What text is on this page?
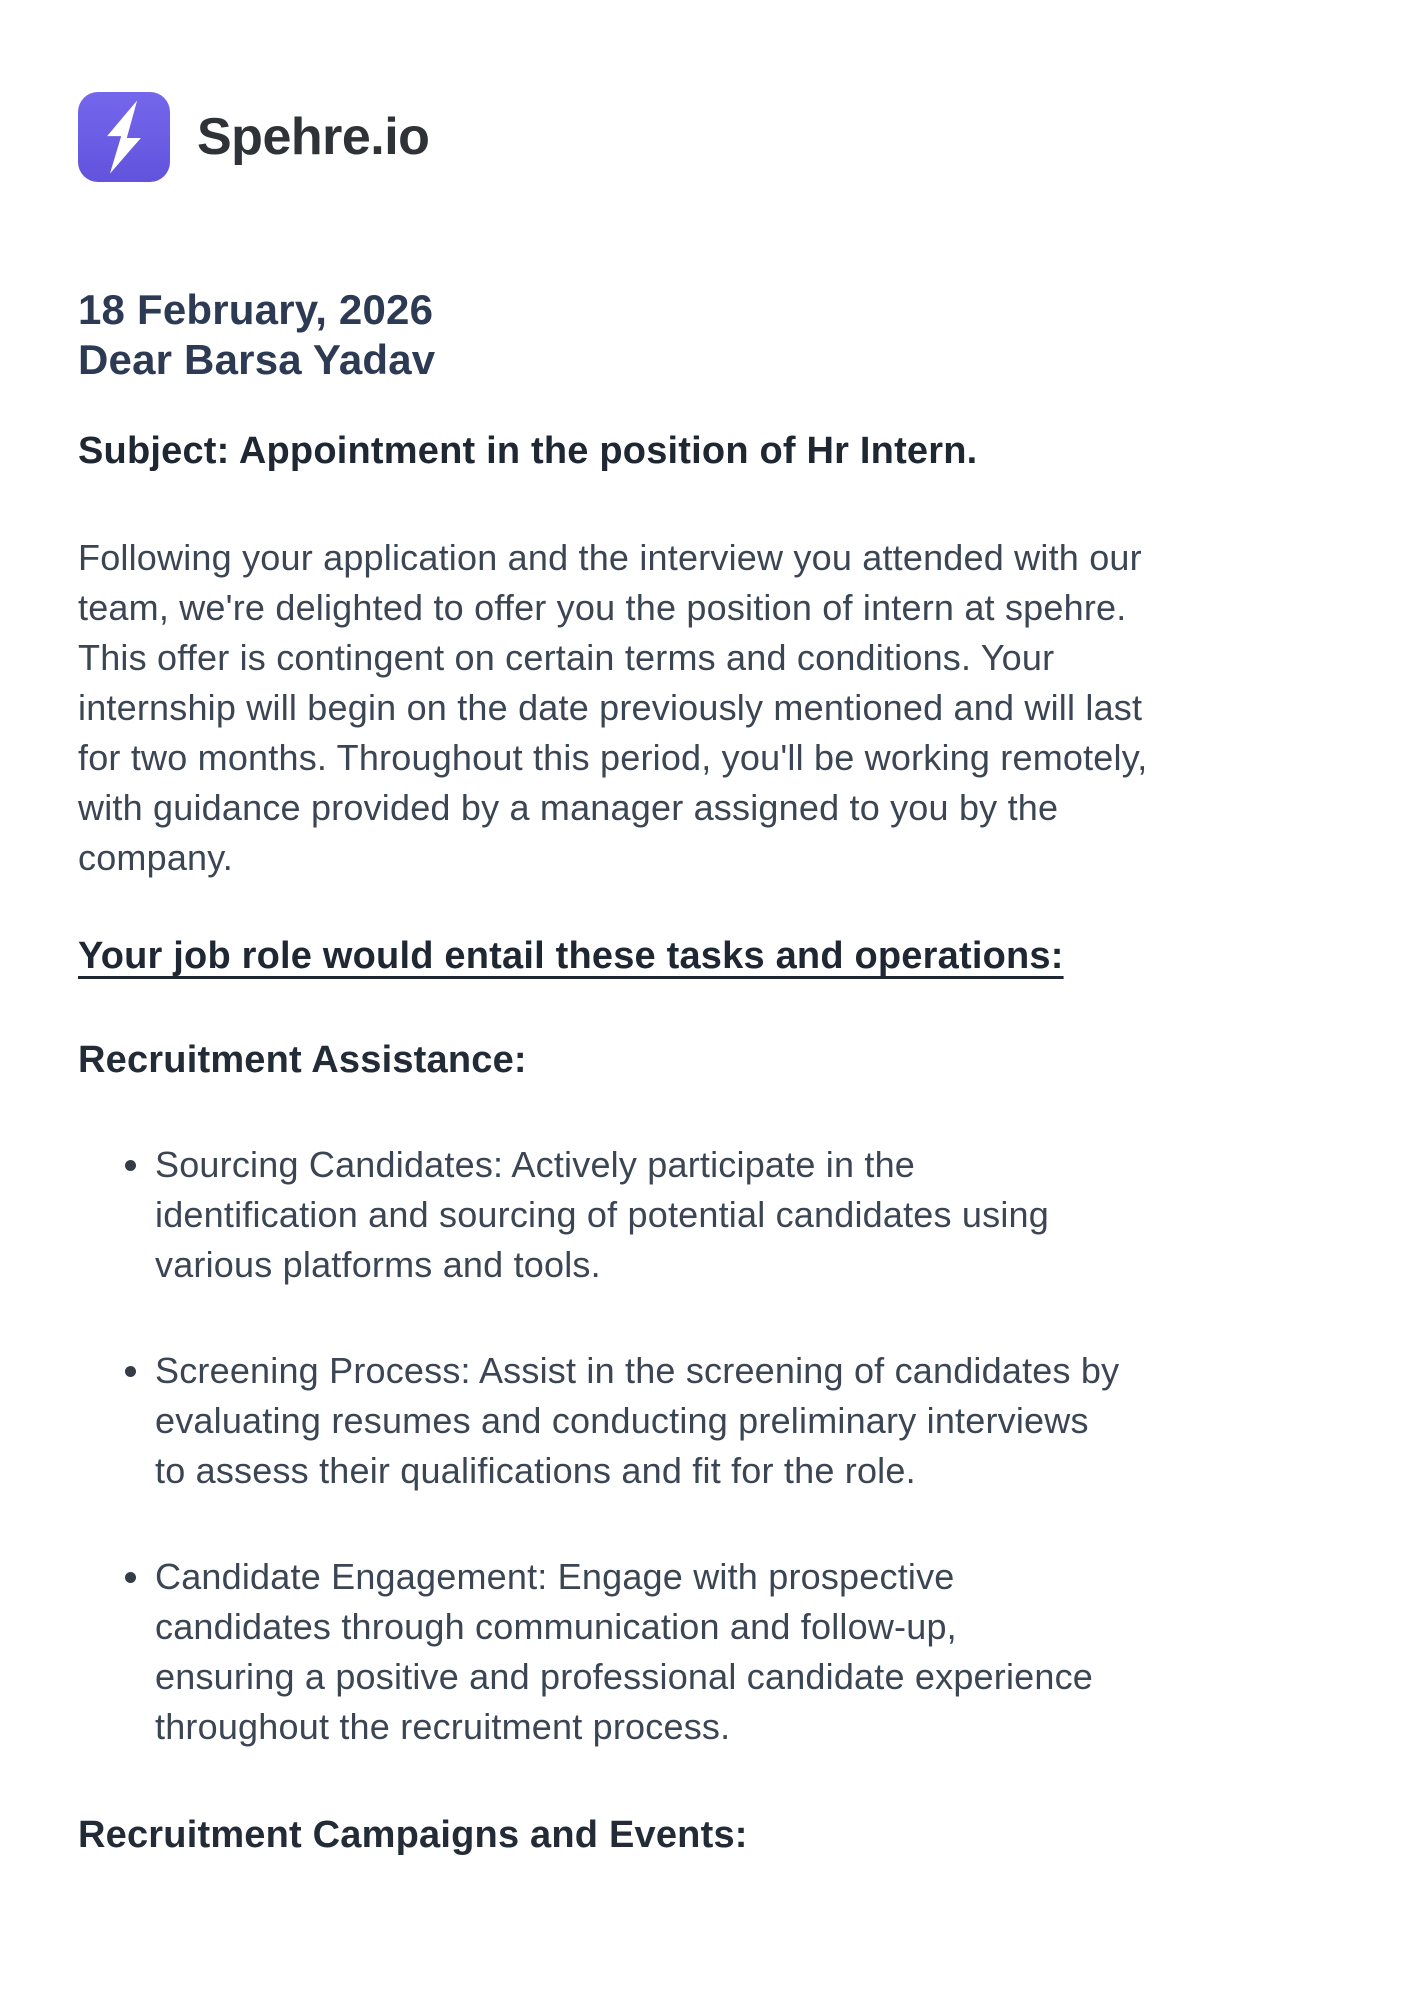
Spehre.io
18 February, 2026
Dear Barsa Yadav
Subject: Appointment in the position of Hr Intern.
Following your application and the interview you attended with our
team, we're delighted to offer you the position of intern at spehre.
This offer is contingent on certain terms and conditions. Your
internship will begin on the date previously mentioned and will last
for two months. Throughout this period, you'll be working remotely,
with guidance provided by a manager assigned to you by the
company.
Your job role would entail these tasks and operations:
Recruitment Assistance:
Sourcing Candidates: Actively participate in the
identification and sourcing of potential candidates using
various platforms and tools.
Screening Process: Assist in the screening of candidates by
evaluating resumes and conducting preliminary interviews
to assess their qualifications and fit for the role.
Candidate Engagement: Engage with prospective
candidates through communication and follow-up,
ensuring a positive and professional candidate experience
throughout the recruitment process.
Recruitment Campaigns and Events:
